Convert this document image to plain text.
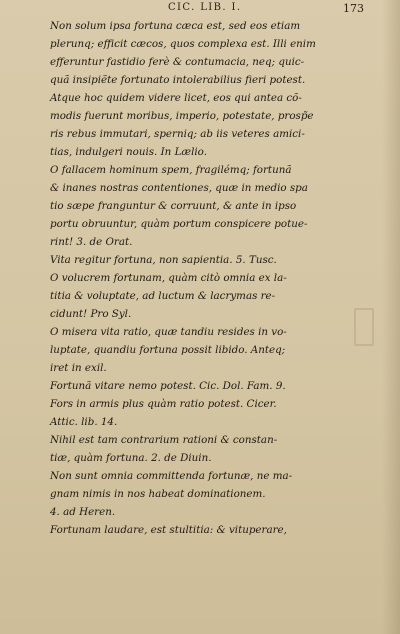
CIC. LIB. I.	173
Non solum ipsa fortuna cæca est, sed eos etiam
plerunq; efficit cæcos, quos complexa est. Illi enim
efferuntur fastidio ferè & contumacia, neq; quic-
quã insipiẽte fortunato intolerabilius fieri potest.
Atque hoc quidem videre licet, eos qui antea cõ-
modis fuerunt moribus, imperio, potestate, prosp̃e
ris rebus immutari, sperniq; ab iis veteres amici-
tias, indulgeri nouis. In Lælio.
O fallacem hominum spem, fragilémq; fortunã
& inanes nostras contentiones, quæ in medio spa
tio sæpe franguntur & corruunt, & ante in ipso
portu obruuntur, quàm portum conspicere potue-
rint! 3. de Orat.
Vita regitur fortuna, non sapientia. 5. Tusc.
O volucrem fortunam, quàm citò omnia ex la-
titia & voluptate, ad luctum & lacrymas re-
cidunt! Pro Syl.
O misera vita ratio, quæ tandiu resides in vo-
luptate, quandiu fortuna possit libido. Anteq;
iret in exil.
Fortunã vitare nemo potest. Cic. Dol. Fam. 9.
Fors in armis plus quàm ratio potest. Cicer.
Attic. lib. 14.
Nihil est tam contrarium rationi & constan-
tiæ, quàm fortuna. 2. de Diuin.
Non sunt omnia committenda fortunæ, ne ma-
gnam nimis in nos habeat dominationem.
4. ad Heren.
Fortunam laudare, est stultitia: & vituperare,
